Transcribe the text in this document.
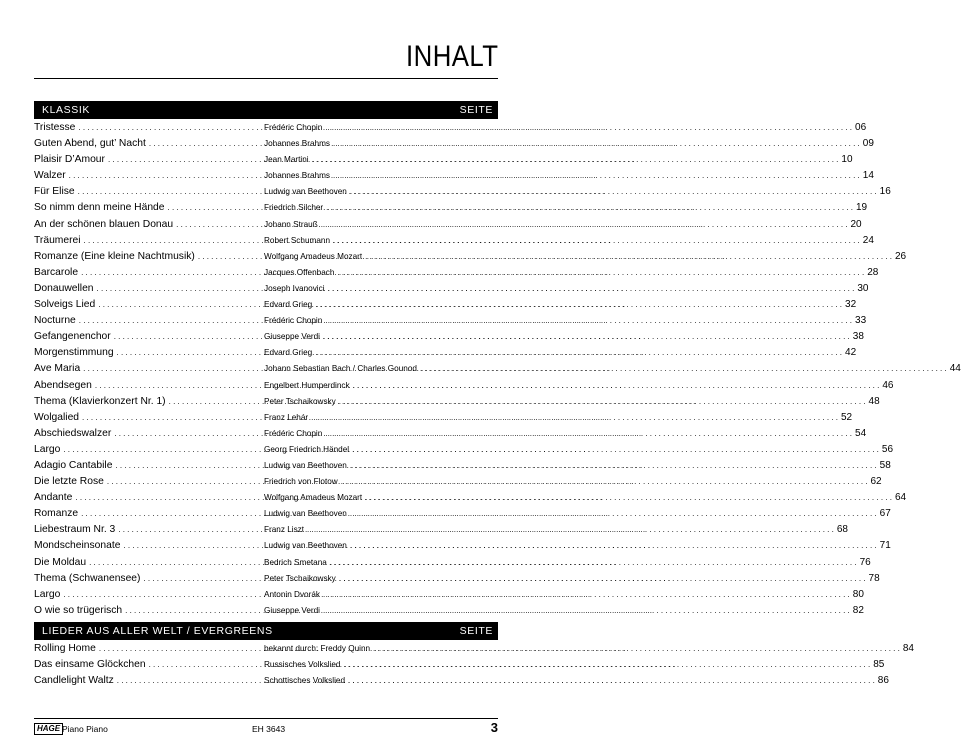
INHALT
KLASSIK	SEITE
Tristesse . . .	Frédéric Chopin . . .	06
Guten Abend, gut’ Nacht . . .	Johannes Brahms . . .	09
Plaisir D’Amour . . .	Jean Martini . . .	10
Walzer . . .	Johannes Brahms . . .	14
Für Elise . . .	Ludwig van Beethoven . . .	16
So nimm denn meine Hände . . .	Friedrich Silcher . . .	19
An der schönen blauen Donau . . .	Johann Strauß . . .	20
Träumerei . . .	Robert Schumann . . .	24
Romanze (Eine kleine Nachtmusik) . . .	Wolfgang Amadeus Mozart . . .	26
Barcarole . . .	Jacques Offenbach . . .	28
Donauwellen . . .	Joseph Ivanovici . . .	30
Solveigs Lied . . .	Edvard Grieg . . .	32
Nocturne . . .	Frédéric Chopin . . .	33
Gefangenenchor . . .	Giuseppe Verdi . . .	38
Morgenstimmung . . .	Edvard Grieg . . .	42
Ave Maria . . .	Johann Sebastian Bach / Charles Gounod . . .	44
Abendsegen . . .	Engelbert Humperdinck . . .	46
Thema (Klavierkonzert Nr. 1) . . .	Peter Tschaikowsky . . .	48
Wolgalied . . .	Franz Lehár . . .	52
Abschiedswalzer . . .	Frédéric Chopin . . .	54
Largo . . .	Georg Friedrich Händel . . .	56
Adagio Cantabile . . .	Ludwig van Beethoven . . .	58
Die letzte Rose . . .	Friedrich von Flotow . . .	62
Andante . . .	Wolfgang Amadeus Mozart . . .	64
Romanze . . .	Ludwig van Beethoven . . .	67
Liebestraum Nr. 3 . . .	Franz Liszt . . .	68
Mondscheinsonate . . .	Ludwig van Beethoven . . .	71
Die Moldau . . .	Bedrich Smetana . . .	76
Thema (Schwanensee) . . .	Peter Tschaikowsky . . .	78
Largo . . .	Antonin Dvorák . . .	80
O wie so trügerisch . . .	Giuseppe Verdi . . .	82
LIEDER AUS ALLER WELT / EVERGREENS	SEITE
Rolling Home . . .	bekannt durch: Freddy Quinn . . .	84
Das einsame Glöckchen . . .	Russisches Volkslied . . .	85
Candlelight Waltz . . .	Schottisches Volkslied . . .	86
HAGE Piano Piano	EH 3643	3
